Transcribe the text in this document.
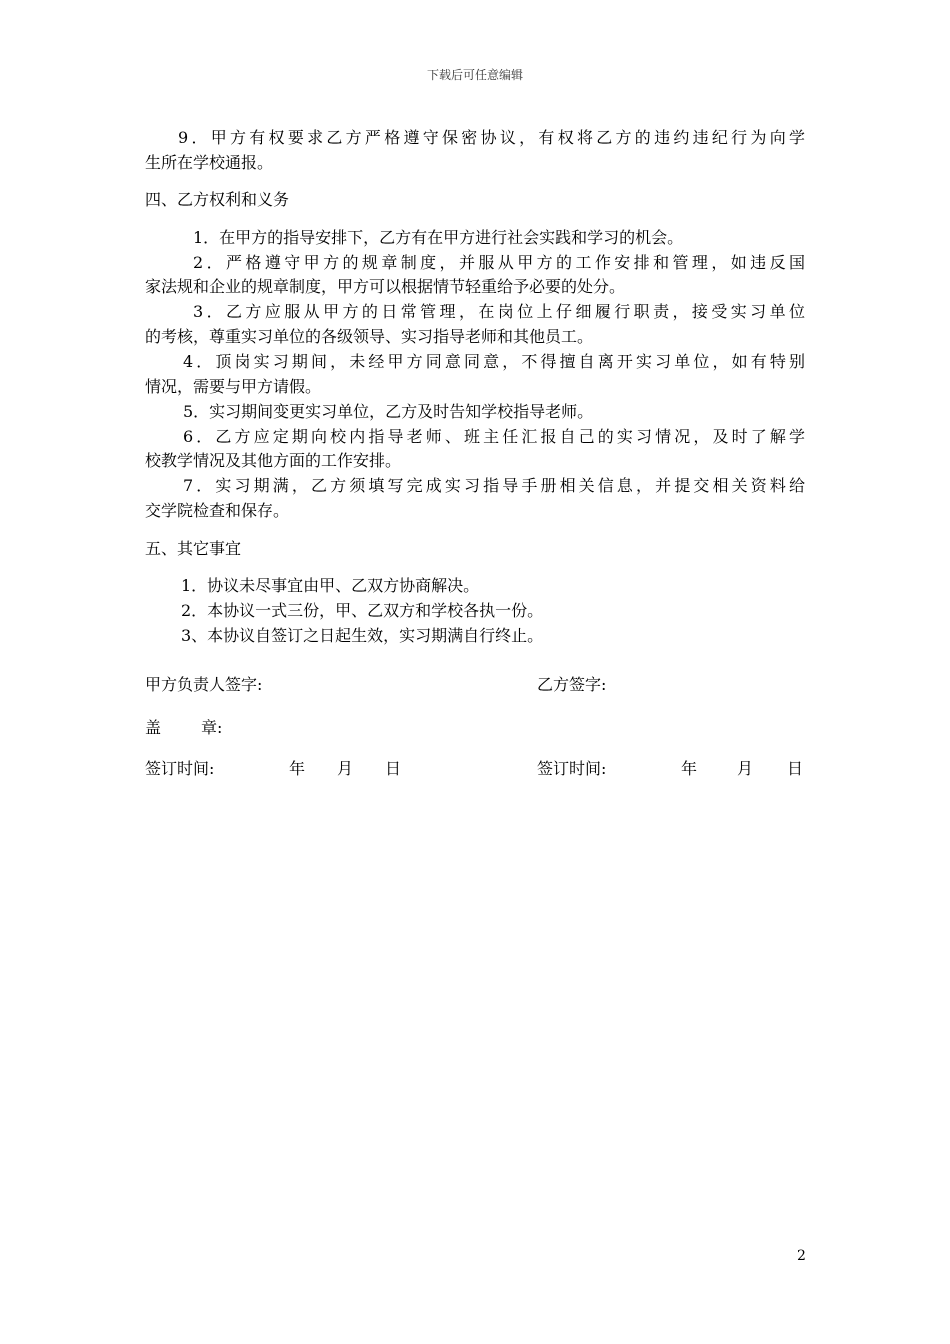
下载后可任意编辑
9．甲方有权要求乙方严格遵守保密协议，有权将乙方的违约违纪行为向学
生所在学校通报。
四、乙方权利和义务
1．在甲方的指导安排下，乙方有在甲方进行社会实践和学习的机会。
2．严格遵守甲方的规章制度，并服从甲方的工作安排和管理，如违反国
家法规和企业的规章制度，甲方可以根据情节轻重给予必要的处分。
3．乙方应服从甲方的日常管理，在岗位上仔细履行职责，接受实习单位
的考核，尊重实习单位的各级领导、实习指导老师和其他员工。
4．顶岗实习期间，未经甲方同意同意，不得擅自离开实习单位，如有特别
情况，需要与甲方请假。
5．实习期间变更实习单位，乙方及时告知学校指导老师。
6．乙方应定期向校内指导老师、班主任汇报自己的实习情况，及时了解学
校教学情况及其他方面的工作安排。
7．实习期满，乙方须填写完成实习指导手册相关信息，并提交相关资料给
交学院检查和保存。
五、其它事宜
1．协议未尽事宜由甲、乙双方协商解决。
2．本协议一式三份，甲、乙双方和学校各执一份。
3、本协议自签订之日起生效，实习期满自行终止。
甲方负责人签字:	乙方签字:
盖 章:
签订时间:	年 月 日	签订时间:	年 月 日
2
